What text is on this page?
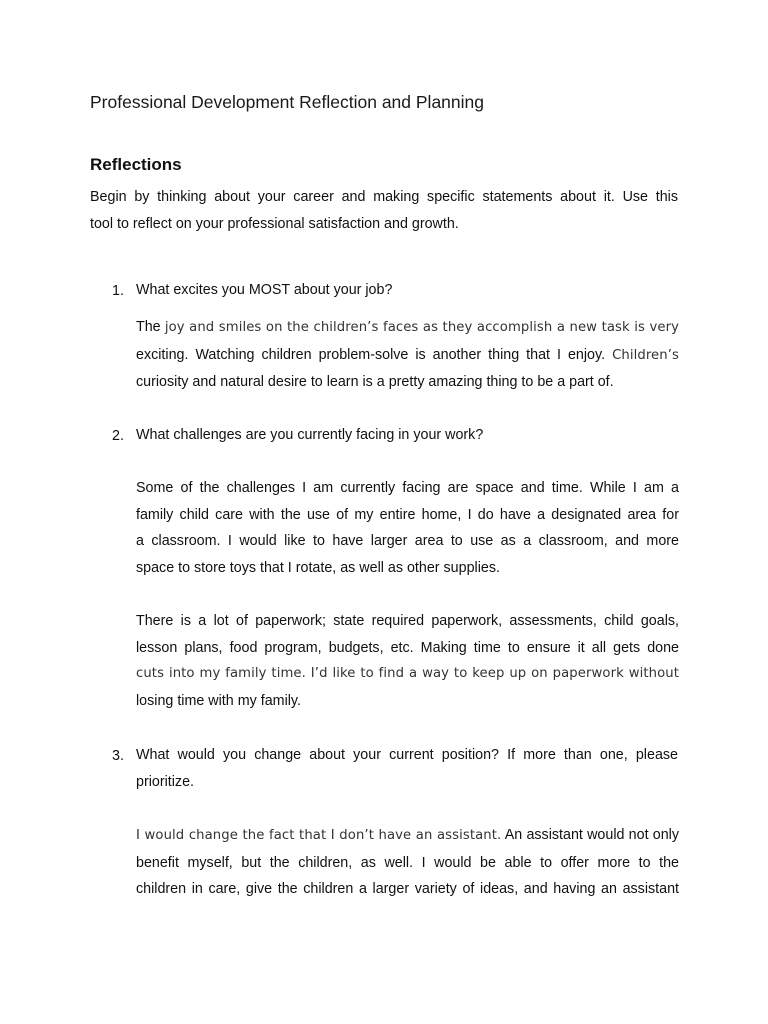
Professional Development Reflection and Planning
Reflections
Begin by thinking about your career and making specific statements about it. Use this
tool to reflect on your professional satisfaction and growth.
1. What excites you MOST about your job?
The joy and smiles on the children’s faces as they accomplish a new task is very
exciting. Watching children problem-solve is another thing that I enjoy. Children’s
curiosity and natural desire to learn is a pretty amazing thing to be a part of.
2. What challenges are you currently facing in your work?
Some of the challenges I am currently facing are space and time. While I am a
family child care with the use of my entire home, I do have a designated area for
a classroom. I would like to have larger area to use as a classroom, and more
space to store toys that I rotate, as well as other supplies.
There is a lot of paperwork; state required paperwork, assessments, child goals,
lesson plans, food program, budgets, etc. Making time to ensure it all gets done
cuts into my family time. I’d like to find a way to keep up on paperwork without
losing time with my family.
3. What would you change about your current position? If more than one, please
prioritize.
I would change the fact that I don’t have an assistant. An assistant would not only
benefit myself, but the children, as well. I would be able to offer more to the
children in care, give the children a larger variety of ideas, and having an assistant
